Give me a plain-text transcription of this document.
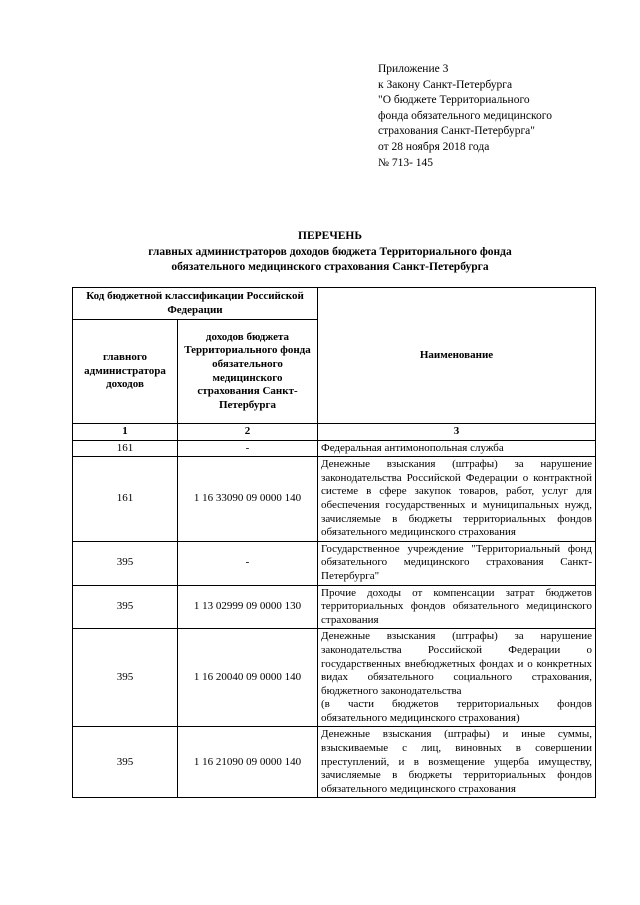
Приложение 3
к Закону Санкт-Петербурга
"О бюджете Территориального
фонда обязательного медицинского
страхования Санкт-Петербурга"
от 28 ноября 2018 года
№ 713- 145
ПЕРЕЧЕНЬ
главных администраторов доходов бюджета Территориального фонда
обязательного медицинского страхования Санкт-Петербурга
Код бюджетной классификации Российской Федерации		Наименование
главного администратора доходов	доходов бюджета Территориального фонда обязательного медицинского страхования Санкт-Петербурга	
1	2	3
161	-	Федеральная антимонопольная служба
161	1 16 33090 09 0000 140	Денежные взыскания (штрафы) за нарушение законодательства Российской Федерации о контрактной системе в сфере закупок товаров, работ, услуг для обеспечения государственных и муниципальных нужд, зачисляемые в бюджеты территориальных фондов обязательного медицинского страхования
395	-	Государственное учреждение "Территориальный фонд обязательного медицинского страхования Санкт-Петербурга"
395	1 13 02999 09 0000 130	Прочие доходы от компенсации затрат бюджетов территориальных фондов обязательного медицинского страхования
395	1 16 20040 09 0000 140	Денежные взыскания (штрафы) за нарушение законодательства Российской Федерации о государственных внебюджетных фондах и о конкретных видах обязательного социального страхования, бюджетного законодательства
(в части бюджетов территориальных фондов обязательного медицинского страхования)

395	1 16 21090 09 0000 140	Денежные взыскания (штрафы) и иные суммы, взыскиваемые с лиц, виновных в совершении преступлений, и в возмещение ущерба имуществу, зачисляемые в бюджеты территориальных фондов обязательного медицинского страхования
